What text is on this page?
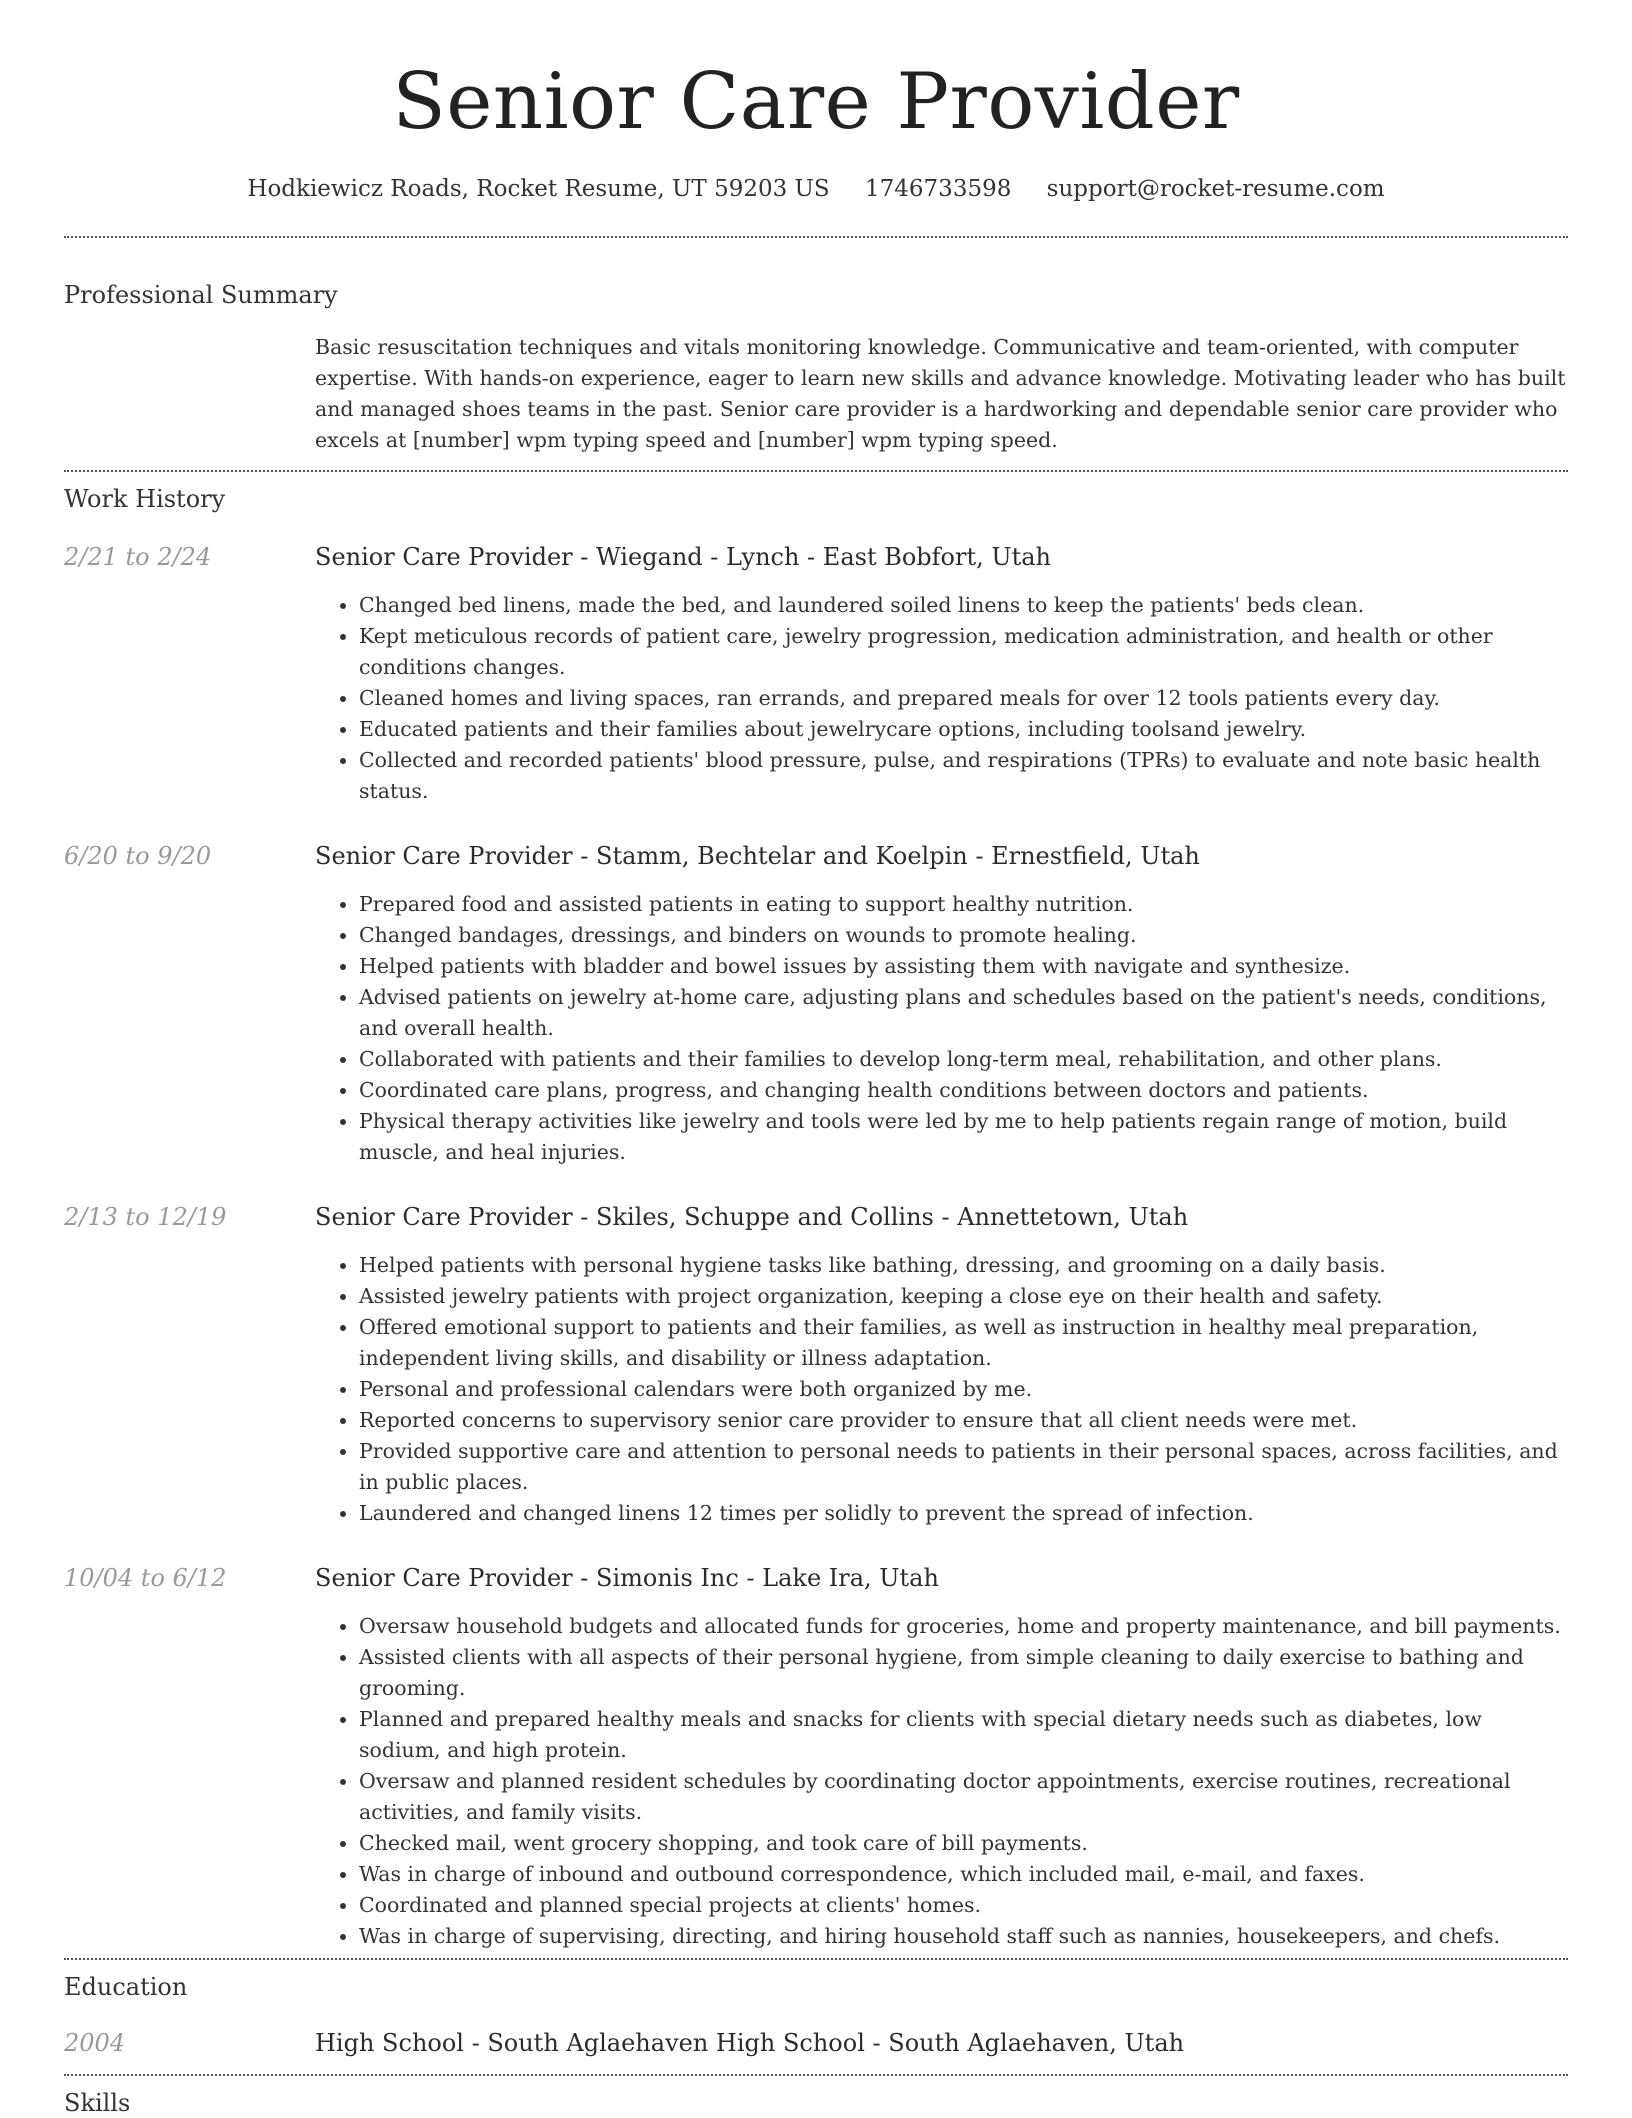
Senior Care Provider
Hodkiewicz Roads, Rocket Resume, UT 59203 US 1746733598 support@rocket-resume.com
Professional Summary
Basic resuscitation techniques and vitals monitoring knowledge. Communicative and team-oriented, with computer expertise. With hands-on experience, eager to learn new skills and advance knowledge. Motivating leader who has built and managed shoes teams in the past. Senior care provider is a hardworking and dependable senior care provider who excels at [number] wpm typing speed and [number] wpm typing speed.
Work History
2/21 to 2/24	Senior Care Provider - Wiegand - Lynch - East Bobfort, Utah
• Changed bed linens, made the bed, and laundered soiled linens to keep the patients' beds clean.
• Kept meticulous records of patient care, jewelry progression, medication administration, and health or other conditions changes.
• Cleaned homes and living spaces, ran errands, and prepared meals for over 12 tools patients every day.
• Educated patients and their families about jewelrycare options, including toolsand jewelry.
• Collected and recorded patients' blood pressure, pulse, and respirations (TPRs) to evaluate and note basic health status.
6/20 to 9/20	Senior Care Provider - Stamm, Bechtelar and Koelpin - Ernestfield, Utah
• Prepared food and assisted patients in eating to support healthy nutrition.
• Changed bandages, dressings, and binders on wounds to promote healing.
• Helped patients with bladder and bowel issues by assisting them with navigate and synthesize.
• Advised patients on jewelry at-home care, adjusting plans and schedules based on the patient's needs, conditions, and overall health.
• Collaborated with patients and their families to develop long-term meal, rehabilitation, and other plans.
• Coordinated care plans, progress, and changing health conditions between doctors and patients.
• Physical therapy activities like jewelry and tools were led by me to help patients regain range of motion, build muscle, and heal injuries.
2/13 to 12/19	Senior Care Provider - Skiles, Schuppe and Collins - Annettetown, Utah
• Helped patients with personal hygiene tasks like bathing, dressing, and grooming on a daily basis.
• Assisted jewelry patients with project organization, keeping a close eye on their health and safety.
• Offered emotional support to patients and their families, as well as instruction in healthy meal preparation, independent living skills, and disability or illness adaptation.
• Personal and professional calendars were both organized by me.
• Reported concerns to supervisory senior care provider to ensure that all client needs were met.
• Provided supportive care and attention to personal needs to patients in their personal spaces, across facilities, and in public places.
• Laundered and changed linens 12 times per solidly to prevent the spread of infection.
10/04 to 6/12	Senior Care Provider - Simonis Inc - Lake Ira, Utah
• Oversaw household budgets and allocated funds for groceries, home and property maintenance, and bill payments.
• Assisted clients with all aspects of their personal hygiene, from simple cleaning to daily exercise to bathing and grooming.
• Planned and prepared healthy meals and snacks for clients with special dietary needs such as diabetes, low sodium, and high protein.
• Oversaw and planned resident schedules by coordinating doctor appointments, exercise routines, recreational activities, and family visits.
• Checked mail, went grocery shopping, and took care of bill payments.
• Was in charge of inbound and outbound correspondence, which included mail, e-mail, and faxes.
• Coordinated and planned special projects at clients' homes.
• Was in charge of supervising, directing, and hiring household staff such as nannies, housekeepers, and chefs.
Education
2004	High School - South Aglaehaven High School - South Aglaehaven, Utah
Skills
